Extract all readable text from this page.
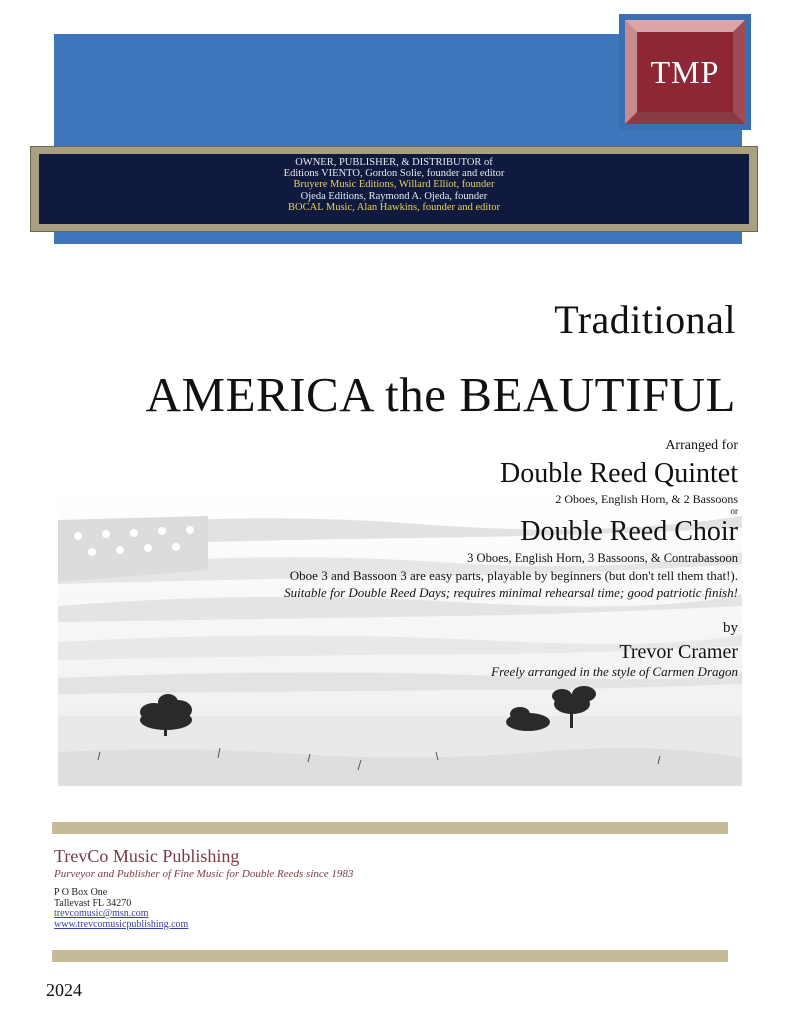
TMP
OWNER, PUBLISHER, & DISTRIBUTOR of
Editions VIENTO, Gordon Solie, founder and editor
Bruyere Music Editions, Willard Elliot, founder
Ojeda Editions, Raymond A. Ojeda, founder
BOCAL Music, Alan Hawkins, founder and editor
Traditional
AMERICA the BEAUTIFUL
Arranged for
Double Reed Quintet
2 Oboes, English Horn, & 2 Bassoons
or
Double Reed Choir
3 Oboes, English Horn, 3 Bassoons, & Contrabassoon
Oboe 3 and Bassoon 3 are easy parts, playable by beginners (but don't tell them that!).
Suitable for Double Reed Days; requires minimal rehearsal time; good patriotic finish!
by
Trevor Cramer
Freely arranged in the style of Carmen Dragon
TrevCo Music Publishing
Purveyor and Publisher of Fine Music for Double Reeds since 1983
P O Box One
Tallevast FL 34270
trevcomusic@msn.com
www.trevcomusicpublishing.com
2024
